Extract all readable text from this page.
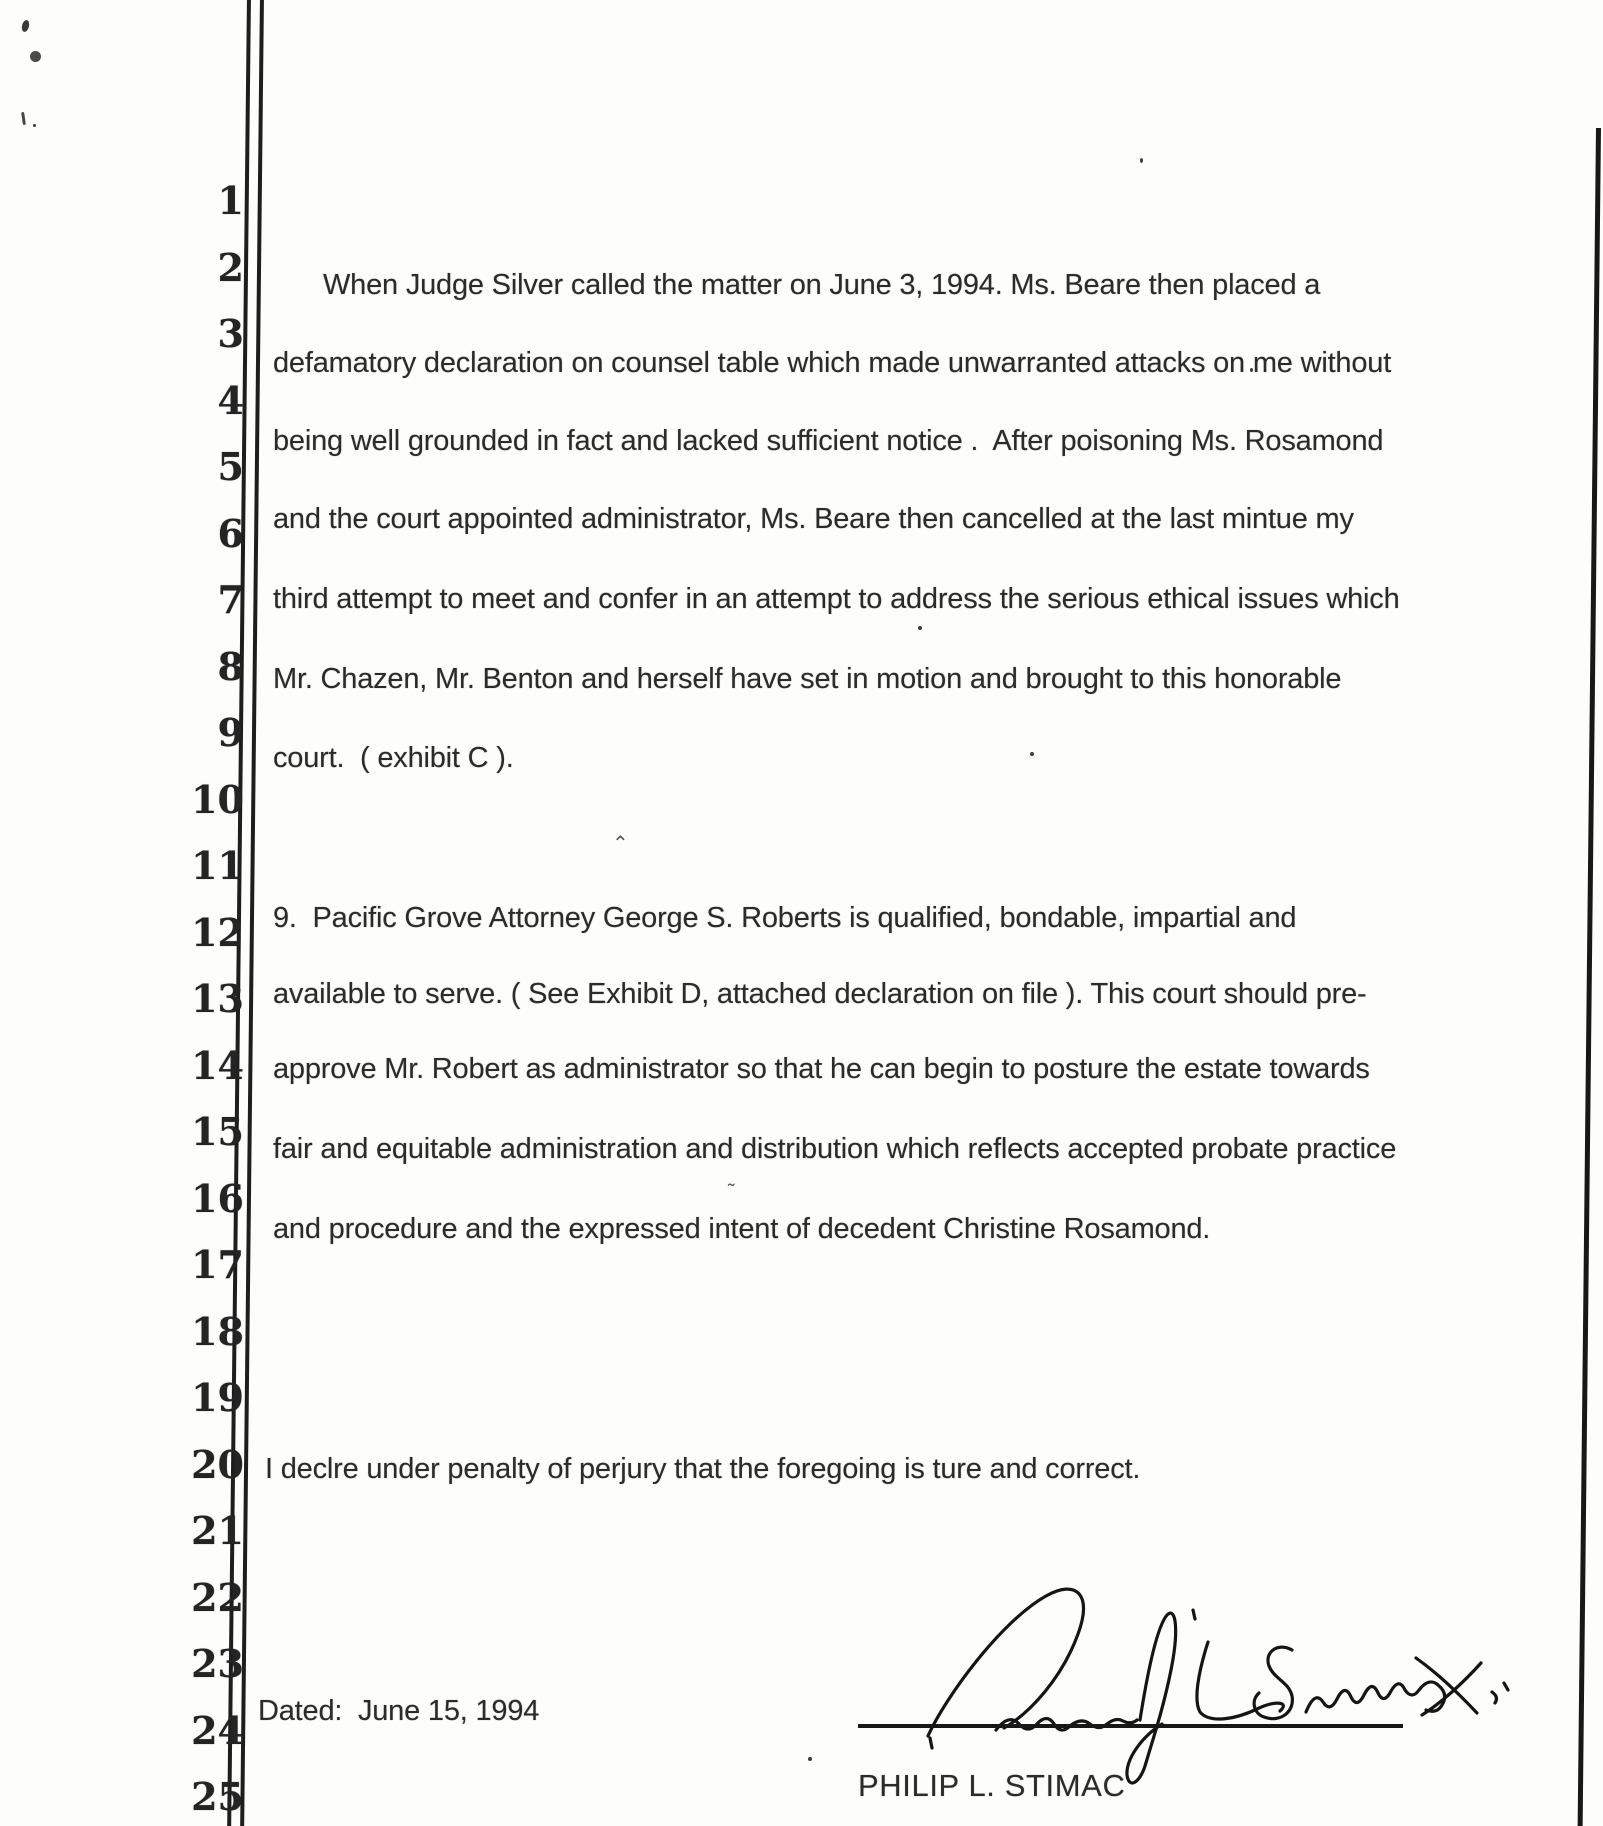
⌃
˜
1
2
3
4
5
6
7
8
9
10
11
12
13
14
15
16
17
18
19
20
21
22
23
24
25
When Judge Silver called the matter on June 3, 1994. Ms. Beare then placed a
defamatory declaration on counsel table which made unwarranted attacks on me without
being well grounded in fact and lacked sufficient notice .  After poisoning Ms. Rosamond
and the court appointed administrator, Ms. Beare then cancelled at the last mintue my
third attempt to meet and confer in an attempt to address the serious ethical issues which
Mr. Chazen, Mr. Benton and herself have set in motion and brought to this honorable
court.  ( exhibit C ).
9.  Pacific Grove Attorney George S. Roberts is qualified, bondable, impartial and
available to serve. ( See Exhibit D, attached declaration on file ). This court should pre-
approve Mr. Robert as administrator so that he can begin to posture the estate towards
fair and equitable administration and distribution which reflects accepted probate practice
and procedure and the expressed intent of decedent Christine Rosamond.
I declre under penalty of perjury that the foregoing is ture and correct.
Dated:  June 15, 1994
PHILIP L. STIMAC
